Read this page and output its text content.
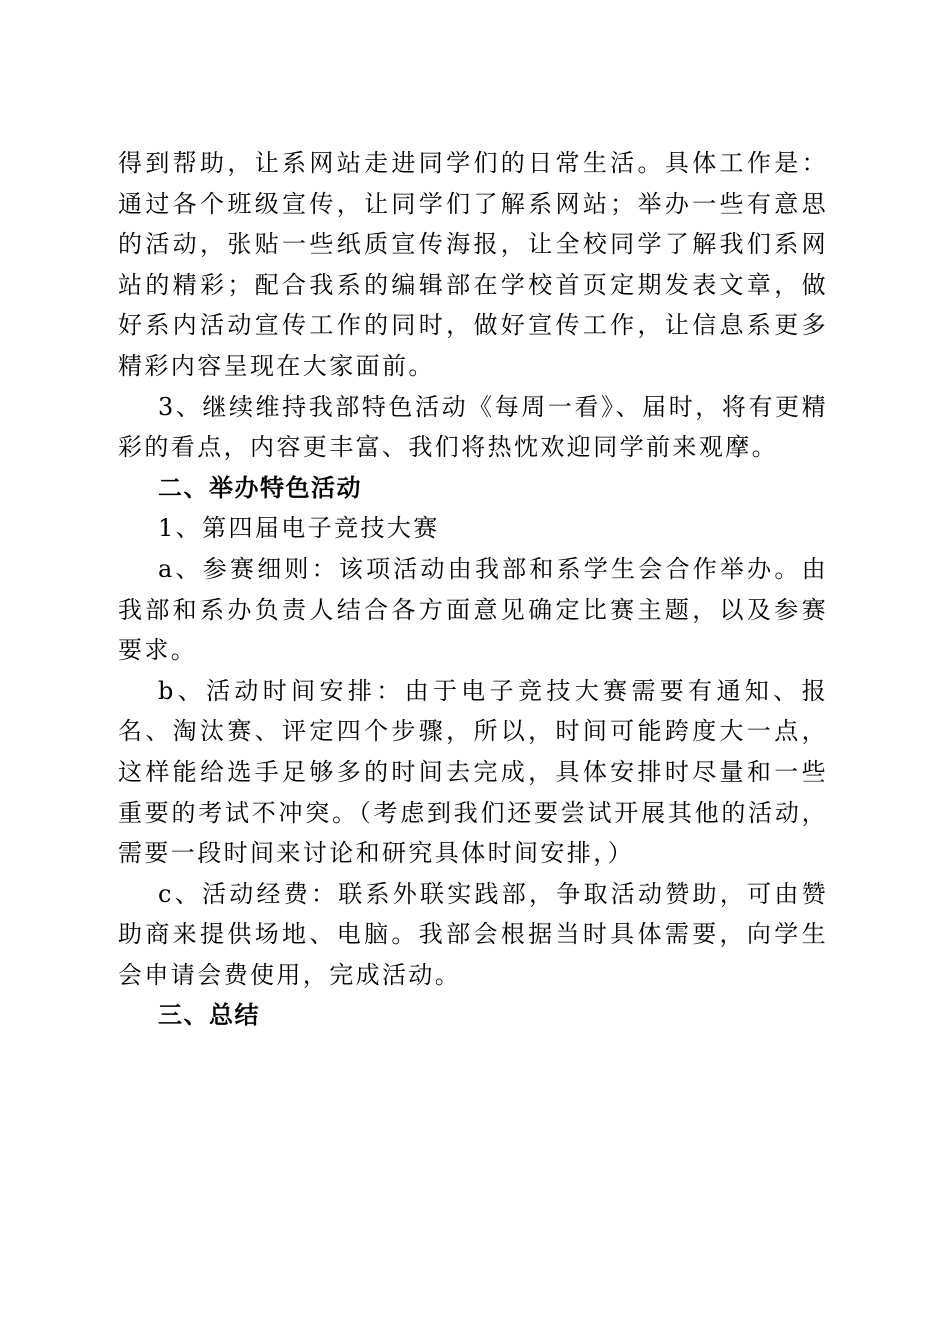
得到帮助，让系网站走进同学们的日常生活。具体工作是：通过各个班级宣传，让同学们了解系网站；举办一些有意思的活动，张贴一些纸质宣传海报，让全校同学了解我们系网站的精彩；配合我系的编辑部在学校首页定期发表文章，做好系内活动宣传工作的同时，做好宣传工作，让信息系更多精彩内容呈现在大家面前。

3、继续维持我部特色活动《每周一看》、届时，将有更精彩的看点，内容更丰富、我们将热忱欢迎同学前来观摩。

二、举办特色活动

1、第四届电子竞技大赛

a、参赛细则：该项活动由我部和系学生会合作举办。由我部和系办负责人结合各方面意见确定比赛主题，以及参赛要求。

b、活动时间安排：由于电子竞技大赛需要有通知、报名、淘汰赛、评定四个步骤，所以，时间可能跨度大一点，这样能给选手足够多的时间去完成，具体安排时尽量和一些重要的考试不冲突。（考虑到我们还要尝试开展其他的活动，需要一段时间来讨论和研究具体时间安排，）

c、活动经费：联系外联实践部，争取活动赞助，可由赞助商来提供场地、电脑。我部会根据当时具体需要，向学生会申请会费使用，完成活动。

三、总结
